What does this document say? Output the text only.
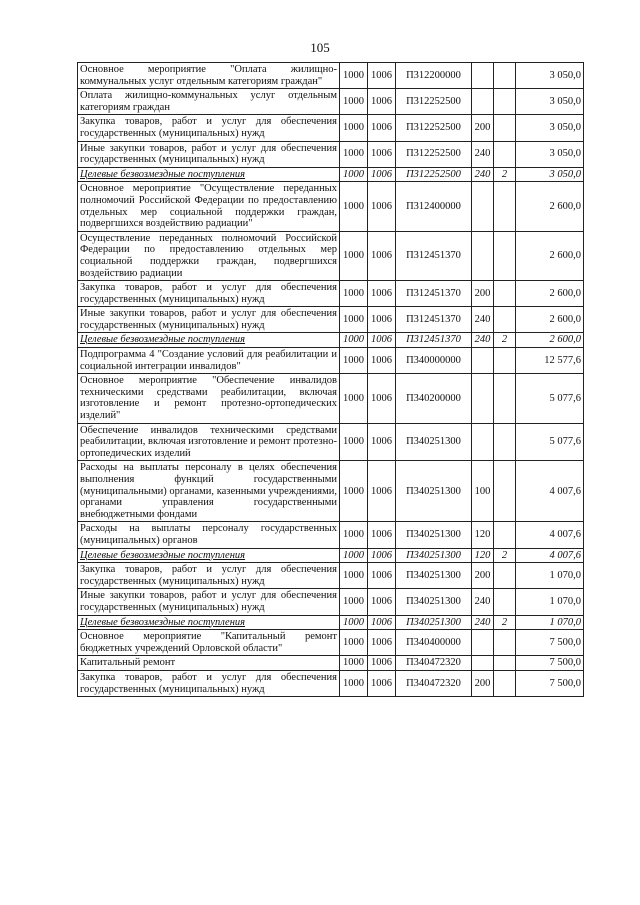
105
Основное мероприятие "Оплата жилищно-коммунальных услуг отдельным категориям граждан"	1000	1006	П312200000			3 050,0
Оплата жилищно-коммунальных услуг отдельным категориям граждан	1000	1006	П312252500			3 050,0
Закупка товаров, работ и услуг для обеспечения государственных (муниципальных) нужд	1000	1006	П312252500	200		3 050,0
Иные закупки товаров, работ и услуг для обеспечения государственных (муниципальных) нужд	1000	1006	П312252500	240		3 050,0
Целевые безвозмездные поступления	1000	1006	П312252500	240	2	3 050,0
Основное мероприятие "Осуществление переданных полномочий Российской Федерации по предоставлению отдельных мер социальной поддержки граждан, подвергшихся воздействию радиации"	1000	1006	П312400000			2 600,0
Осуществление переданных полномочий Российской Федерации по предоставлению отдельных мер социальной поддержки граждан, подвергшихся воздействию радиации	1000	1006	П312451370			2 600,0
Закупка товаров, работ и услуг для обеспечения государственных (муниципальных) нужд	1000	1006	П312451370	200		2 600,0
Иные закупки товаров, работ и услуг для обеспечения государственных (муниципальных) нужд	1000	1006	П312451370	240		2 600,0
Целевые безвозмездные поступления	1000	1006	П312451370	240	2	2 600,0
Подпрограмма 4 "Создание условий для реабилитации и социальной интеграции инвалидов"	1000	1006	П340000000			12 577,6
Основное мероприятие "Обеспечение инвалидов техническими средствами реабилитации, включая изготовление и ремонт протезно-ортопедических изделий"	1000	1006	П340200000			5 077,6
Обеспечение инвалидов техническими средствами реабилитации, включая изготовление и ремонт протезно-ортопедических изделий	1000	1006	П340251300			5 077,6
Расходы на выплаты персоналу в целях обеспечения выполнения функций государственными (муниципальными) органами, казенными учреждениями, органами управления государственными внебюджетными фондами	1000	1006	П340251300	100		4 007,6
Расходы на выплаты персоналу государственных (муниципальных) органов	1000	1006	П340251300	120		4 007,6
Целевые безвозмездные поступления	1000	1006	П340251300	120	2	4 007,6
Закупка товаров, работ и услуг для обеспечения государственных (муниципальных) нужд	1000	1006	П340251300	200		1 070,0
Иные закупки товаров, работ и услуг для обеспечения государственных (муниципальных) нужд	1000	1006	П340251300	240		1 070,0
Целевые безвозмездные поступления	1000	1006	П340251300	240	2	1 070,0
Основное мероприятие "Капитальный ремонт бюджетных учреждений Орловской области"	1000	1006	П340400000			7 500,0
Капитальный ремонт	1000	1006	П340472320			7 500,0
Закупка товаров, работ и услуг для обеспечения государственных (муниципальных) нужд	1000	1006	П340472320	200		7 500,0
